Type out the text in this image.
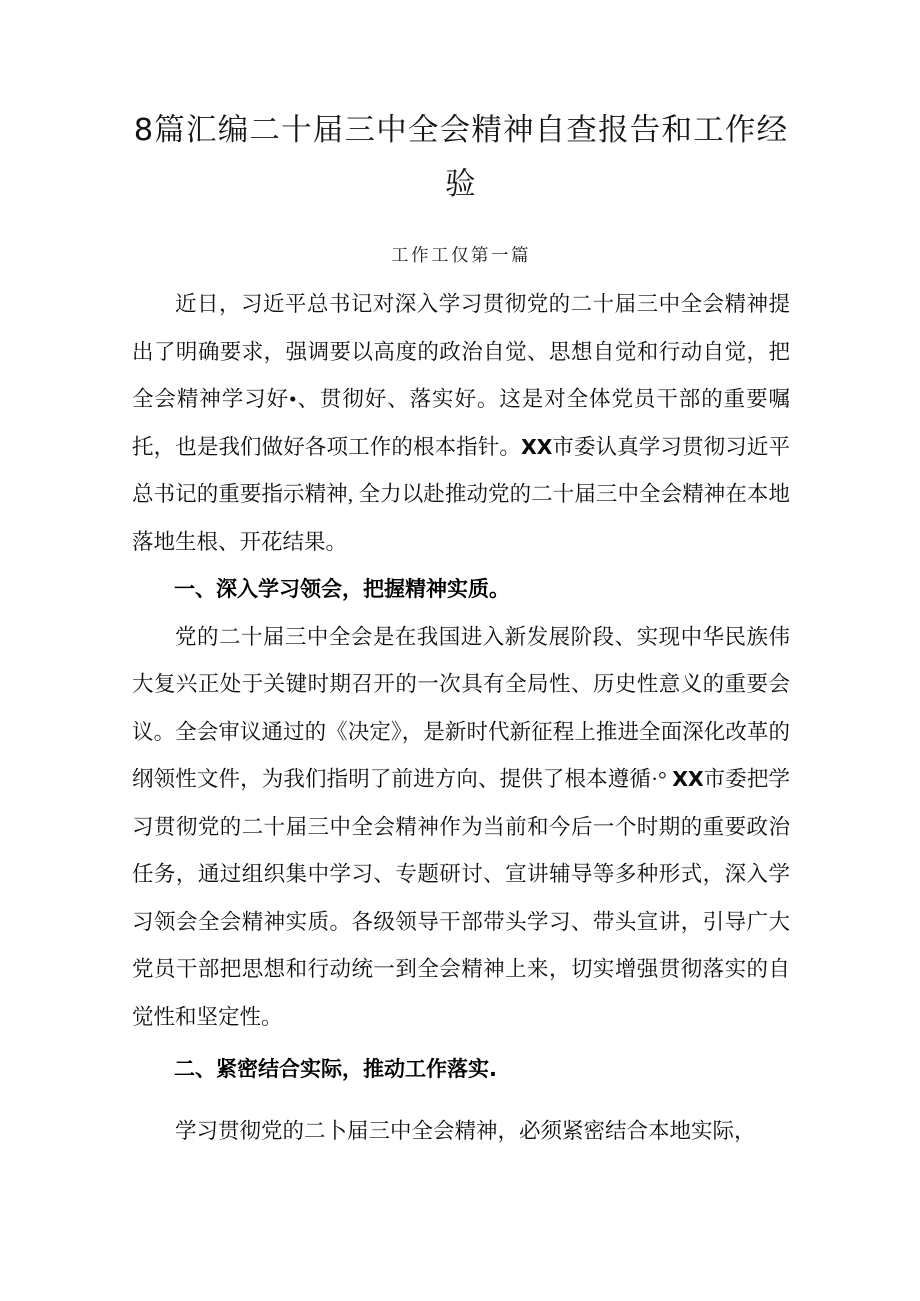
8篇汇编二十届三中全会精神自查报告和工作经验
工作工仅第一篇

近日，习近平总书记对深入学习贯彻党的二十届三中全会精神提出了明确要求，强调要以高度的政治自觉、思想自觉和行动自觉，把全会精神学习好•、贯彻好、落实好。这是对全体党员干部的重要嘱托，也是我们做好各项工作的根本指针。XX市委认真学习贯彻习近平总书记的重要指示精神, 全力以赴推动党的二十届三中全会精神在本地落地生根、开花结果。

一、深入学习领会，把握精神实质。

党的二十届三中全会是在我国进入新发展阶段、实现中华民族伟大复兴正处于关键时期召开的一次具有全局性、历史性意义的重要会议。全会审议通过的《决定》，是新时代新征程上推进全面深化改革的纲领性文件，为我们指明了前进方向、提供了根本遵循·° XX市委把学习贯彻党的二十届三中全会精神作为当前和今后一个时期的重要政治任务，通过组织集中学习、专题研讨、宣讲辅导等多种形式，深入学习领会全会精神实质。各级领导干部带头学习、带头宣讲，引导广大党员干部把思想和行动统一到全会精神上来，切实增强贯彻落实的自觉性和坚定性。

二、紧密结合实际，推动工作落实.

学习贯彻党的二卜届三中全会精神，必须紧密结合本地实际，
